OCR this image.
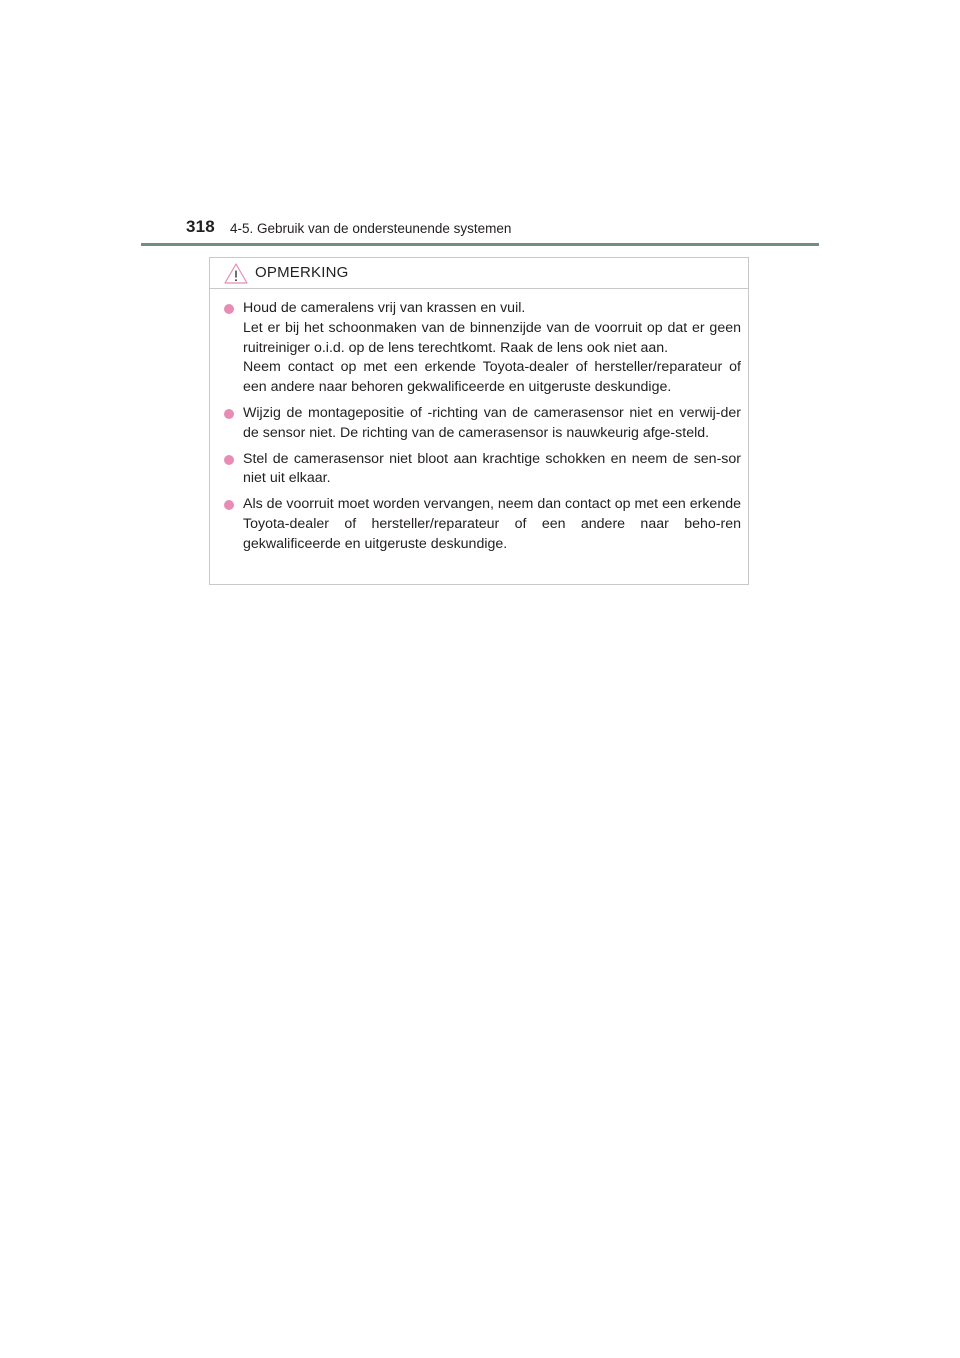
318 4-5. Gebruik van de ondersteunende systemen
OPMERKING
Houd de cameralens vrij van krassen en vuil.
Let er bij het schoonmaken van de binnenzijde van de voorruit op dat er geen ruitreiniger o.i.d. op de lens terechtkomt. Raak de lens ook niet aan.
Neem contact op met een erkende Toyota-dealer of hersteller/reparateur of een andere naar behoren gekwalificeerde en uitgeruste deskundige.
Wijzig de montagepositie of -richting van de camerasensor niet en verwij-der de sensor niet. De richting van de camerasensor is nauwkeurig afge-steld.
Stel de camerasensor niet bloot aan krachtige schokken en neem de sen-sor niet uit elkaar.
Als de voorruit moet worden vervangen, neem dan contact op met een erkende Toyota-dealer of hersteller/reparateur of een andere naar beho-ren gekwalificeerde en uitgeruste deskundige.
